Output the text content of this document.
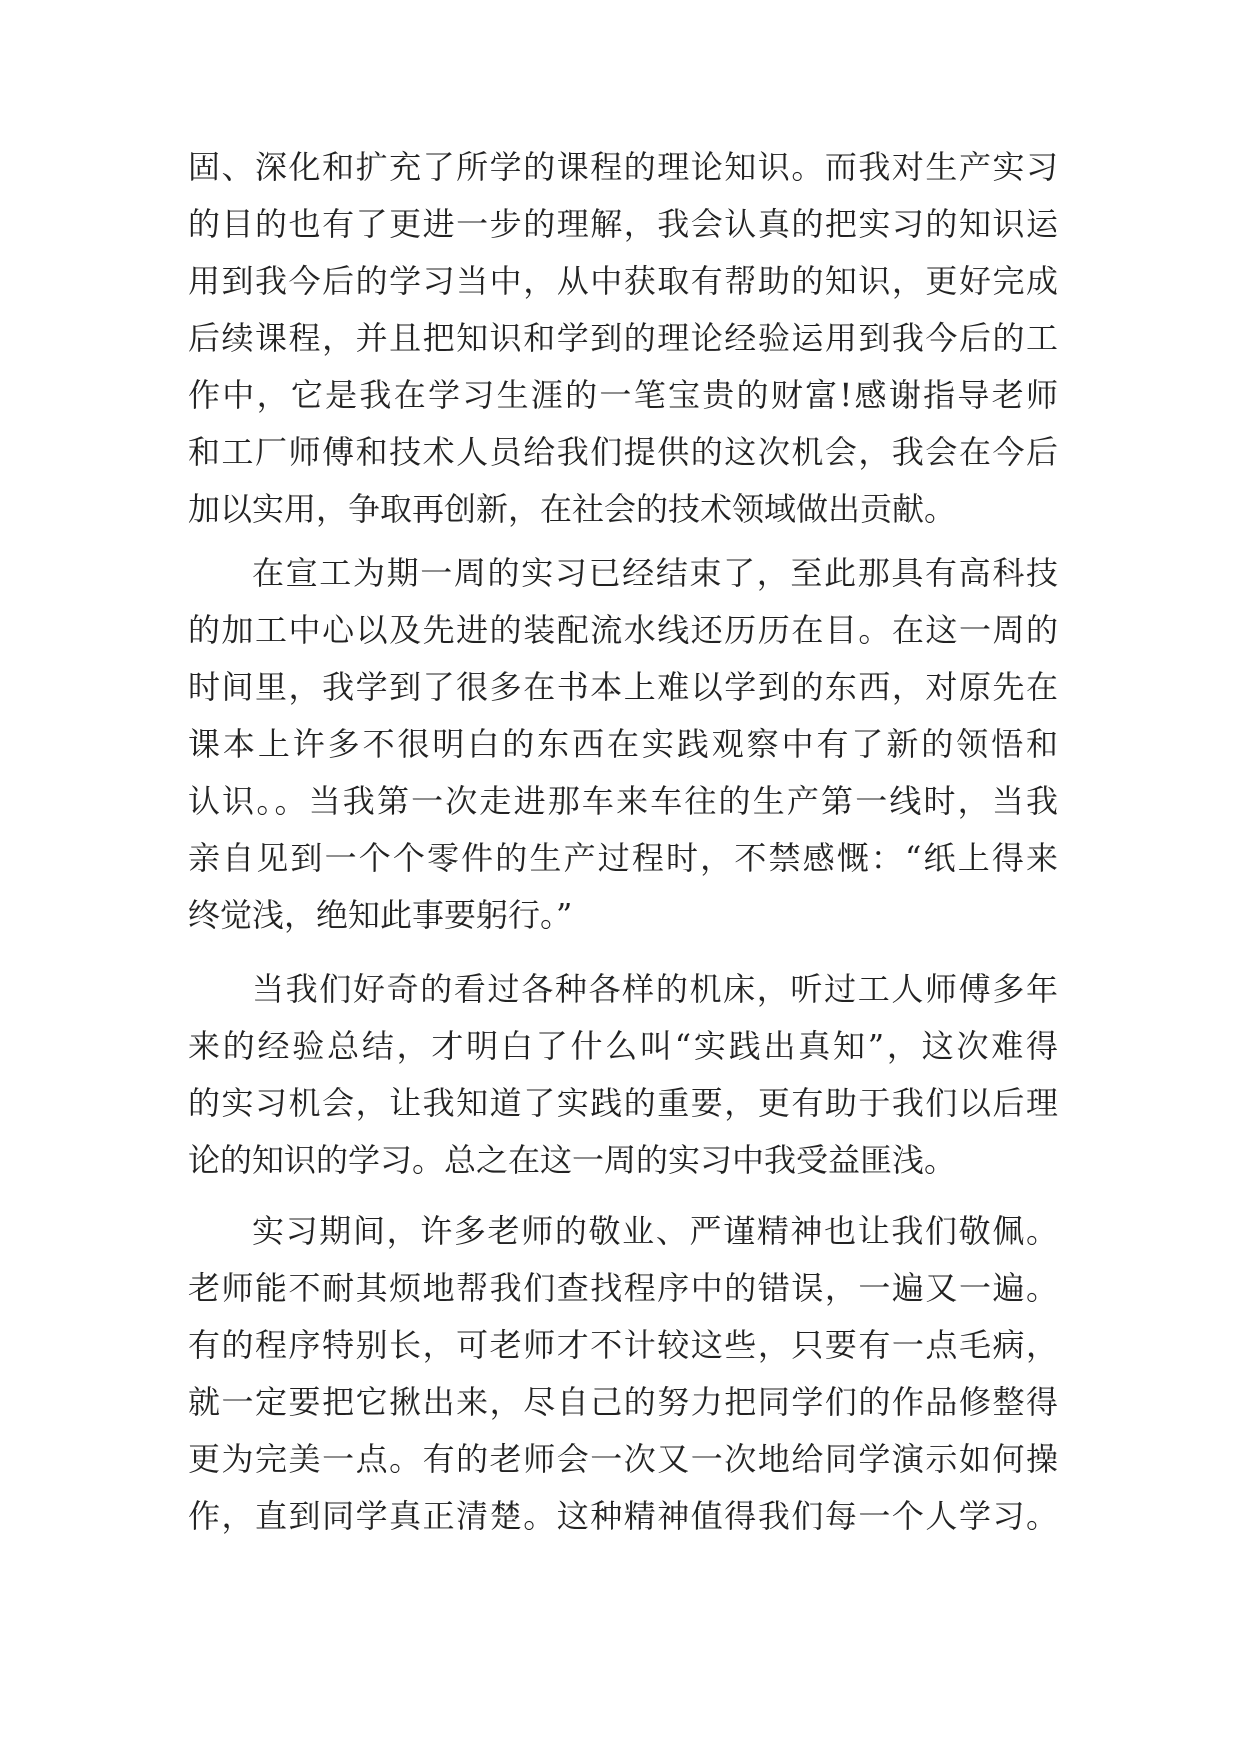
固、深化和扩充了所学的课程的理论知识。而我对生产实习
的目的也有了更进一步的理解，我会认真的把实习的知识运
用到我今后的学习当中，从中获取有帮助的知识，更好完成
后续课程，并且把知识和学到的理论经验运用到我今后的工
作中，它是我在学习生涯的一笔宝贵的财富!感谢指导老师
和工厂师傅和技术人员给我们提供的这次机会，我会在今后
加以实用，争取再创新，在社会的技术领域做出贡献。
在宣工为期一周的实习已经结束了，至此那具有高科技
的加工中心以及先进的装配流水线还历历在目。在这一周的
时间里，我学到了很多在书本上难以学到的东西，对原先在
课本上许多不很明白的东西在实践观察中有了新的领悟和
认识。。当我第一次走进那车来车往的生产第一线时，当我
亲自见到一个个零件的生产过程时，不禁感慨：“纸上得来
终觉浅，绝知此事要躬行。”
当我们好奇的看过各种各样的机床，听过工人师傅多年
来的经验总结，才明白了什么叫“实践出真知”，这次难得
的实习机会，让我知道了实践的重要，更有助于我们以后理
论的知识的学习。总之在这一周的实习中我受益匪浅。
实习期间，许多老师的敬业、严谨精神也让我们敬佩。
老师能不耐其烦地帮我们查找程序中的错误，一遍又一遍。
有的程序特别长，可老师才不计较这些，只要有一点毛病，
就一定要把它揪出来，尽自己的努力把同学们的作品修整得
更为完美一点。有的老师会一次又一次地给同学演示如何操
作，直到同学真正清楚。这种精神值得我们每一个人学习。
